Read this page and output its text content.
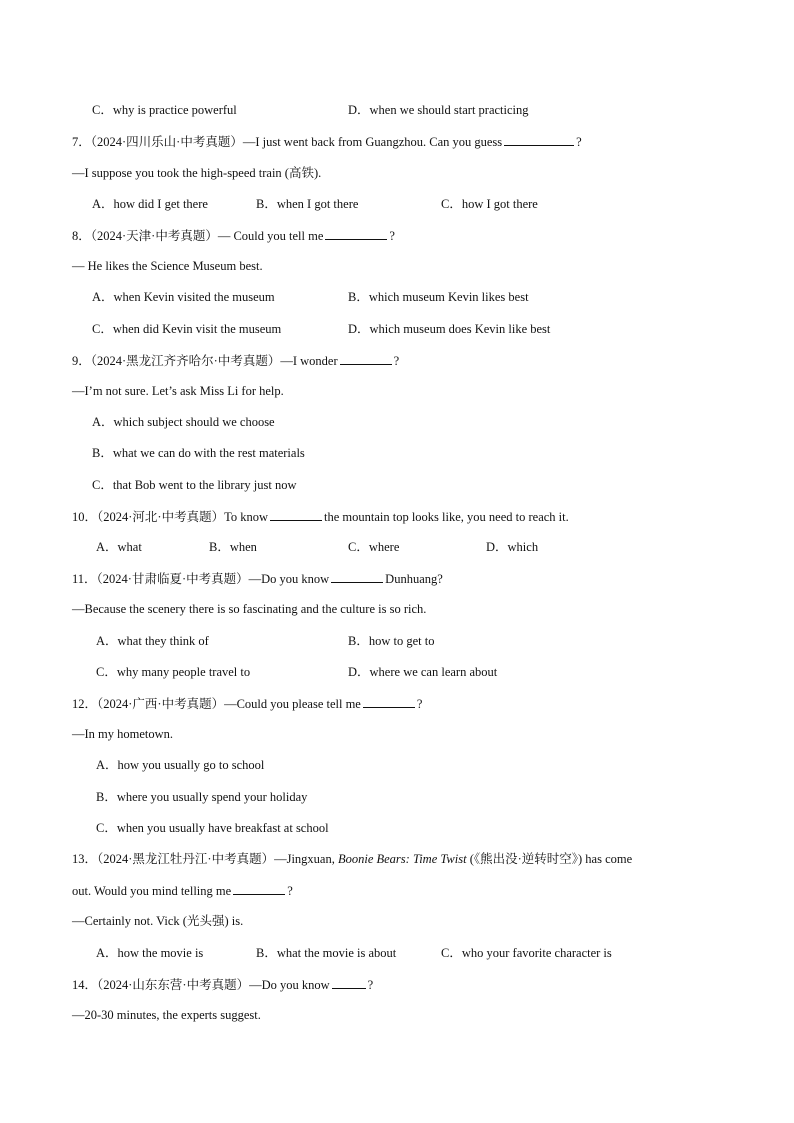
C．why is practice powerful	D．when we should start practicing
7．（2024·四川乐山·中考真题）—I just went back from Guangzhou. Can you guess	?
—I suppose you took the high-speed train (高铁).
A．how did I get there	B．when I got there	C．how I got there
8．（2024·天津·中考真题）— Could you tell me	?
— He likes the Science Museum best.
A．when Kevin visited the museum	B．which museum Kevin likes best
C．when did Kevin visit the museum	D．which museum does Kevin like best
9．（2024·黑龙江齐齐哈尔·中考真题）—I wonder	?
—I’m not sure. Let’s ask Miss Li for help.
A．which subject should we choose
B．what we can do with the rest materials
C．that Bob went to the library just now
10．（2024·河北·中考真题）To know	the mountain top looks like, you need to reach it.
A．what	B．when	C．where	D．which
11．（2024·甘肃临夏·中考真题）—Do you know	Dunhuang?
—Because the scenery there is so fascinating and the culture is so rich.
A．what they think of	B．how to get to
C．why many people travel to	D．where we can learn about
12．（2024·广西·中考真题）—Could you please tell me	?
—In my hometown.
A．how you usually go to school
B．where you usually spend your holiday
C．when you usually have breakfast at school
13．（2024·黑龙江牡丹江·中考真题）—Jingxuan, Boonie Bears: Time Twist (《熊出没·逆转时空》) has come
out. Would you mind telling me	?
—Certainly not. Vick (光头强) is.
A．how the movie is	B．what the movie is about	C．who your favorite character is
14．（2024·山东东营·中考真题）—Do you know	?
—20-30 minutes, the experts suggest.
